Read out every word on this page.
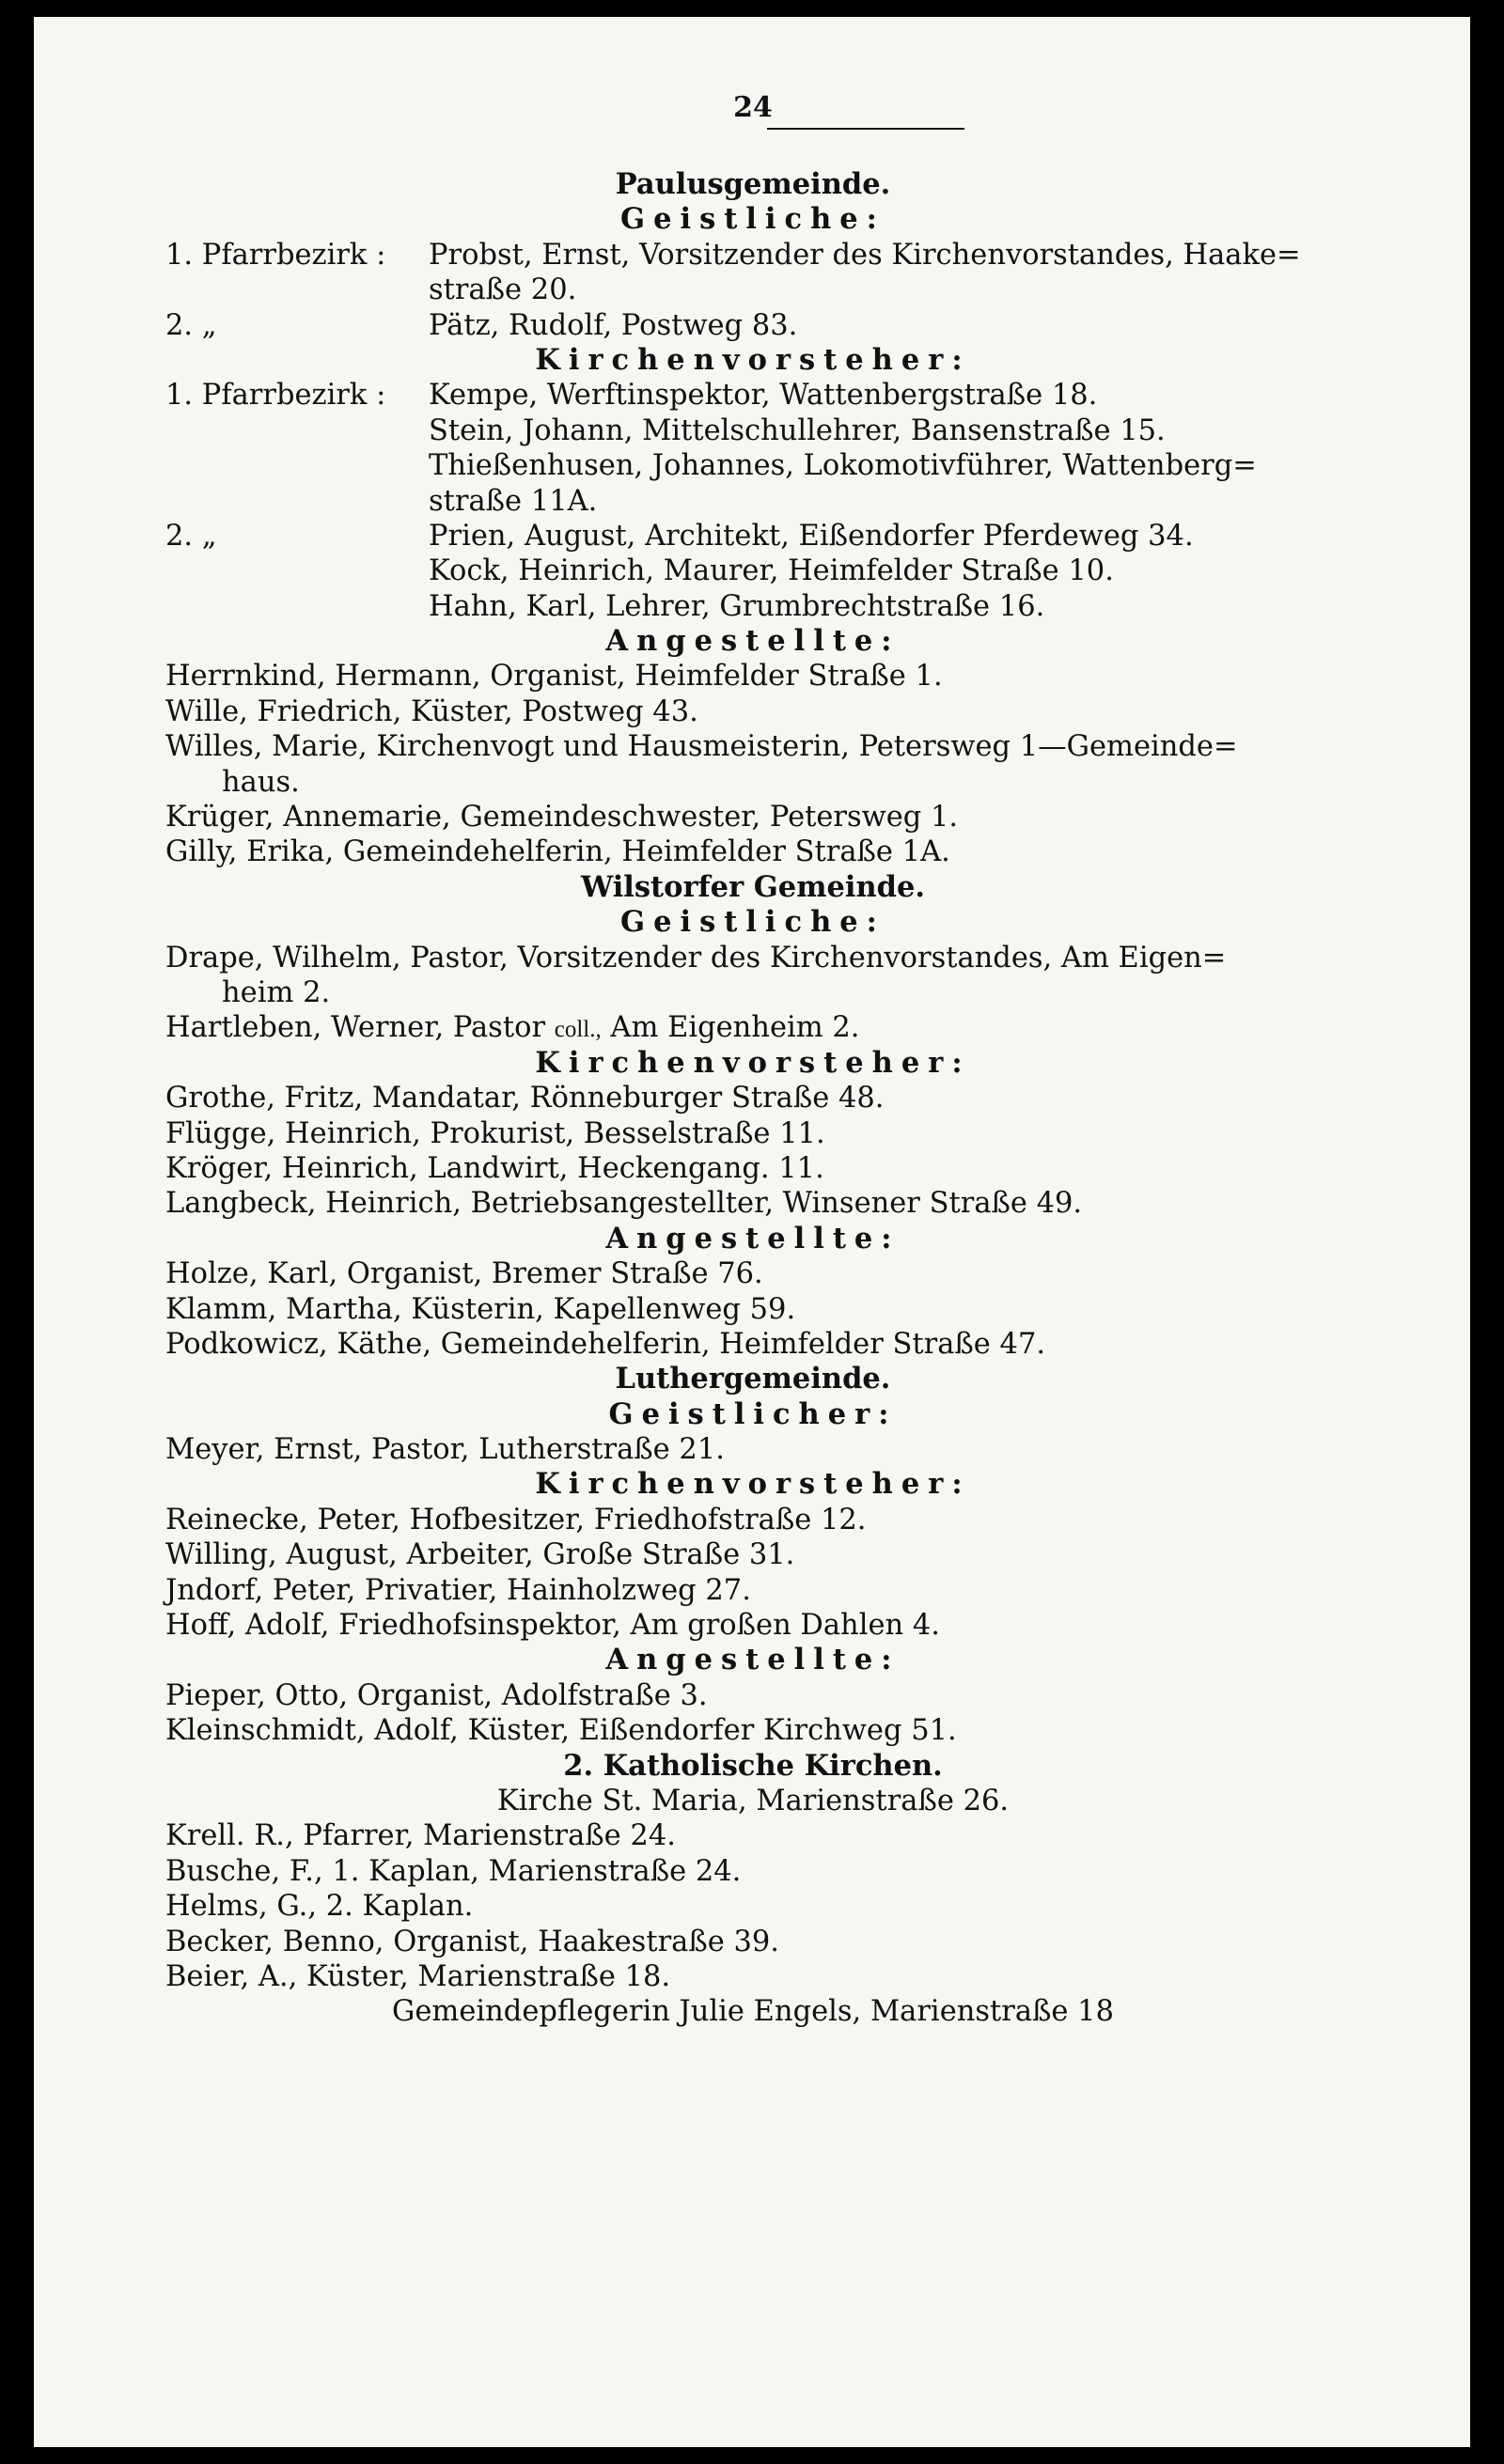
24
Paulusgemeinde.
Geistliche:
1. Pfarrbezirk : Probst, Ernst, Vorsitzender des Kirchenvorstandes, Haake=
straße 20.
2. „	Pätz, Rudolf, Postweg 83.
Kirchenvorsteher:
1. Pfarrbezirk : Kempe, Werftinspektor, Wattenbergstraße 18.
Stein, Johann, Mittelschullehrer, Bansenstraße 15.
Thießenhusen, Johannes, Lokomotivführer, Wattenberg=
straße 11A.
2. „	Prien, August, Architekt, Eißendorfer Pferdeweg 34.
Kock, Heinrich, Maurer, Heimfelder Straße 10.
Hahn, Karl, Lehrer, Grumbrechtstraße 16.
Angestellte:
Herrnkind, Hermann, Organist, Heimfelder Straße 1.
Wille, Friedrich, Küster, Postweg 43.
Willes, Marie, Kirchenvogt und Hausmeisterin, Petersweg 1—Gemeinde=
haus.
Krüger, Annemarie, Gemeindeschwester, Petersweg 1.
Gilly, Erika, Gemeindehelferin, Heimfelder Straße 1A.
Wilstorfer Gemeinde.
Geistliche:
Drape, Wilhelm, Pastor, Vorsitzender des Kirchenvorstandes, Am Eigen=
heim 2.
Hartleben, Werner, Pastor coll., Am Eigenheim 2.
Kirchenvorsteher:
Grothe, Fritz, Mandatar, Rönneburger Straße 48.
Flügge, Heinrich, Prokurist, Besselstraße 11.
Kröger, Heinrich, Landwirt, Heckengang. 11.
Langbeck, Heinrich, Betriebsangestellter, Winsener Straße 49.
Angestellte:
Holze, Karl, Organist, Bremer Straße 76.
Klamm, Martha, Küsterin, Kapellenweg 59.
Podkowicz, Käthe, Gemeindehelferin, Heimfelder Straße 47.
Luthergemeinde.
Geistlicher:
Meyer, Ernst, Pastor, Lutherstraße 21.
Kirchenvorsteher:
Reinecke, Peter, Hofbesitzer, Friedhofstraße 12.
Willing, August, Arbeiter, Große Straße 31.
Jndorf, Peter, Privatier, Hainholzweg 27.
Hoff, Adolf, Friedhofsinspektor, Am großen Dahlen 4.
Angestellte:
Pieper, Otto, Organist, Adolfstraße 3.
Kleinschmidt, Adolf, Küster, Eißendorfer Kirchweg 51.
2. Katholische Kirchen.
Kirche St. Maria, Marienstraße 26.
Krell. R., Pfarrer, Marienstraße 24.
Busche, F., 1. Kaplan, Marienstraße 24.
Helms, G., 2. Kaplan.
Becker, Benno, Organist, Haakestraße 39.
Beier, A., Küster, Marienstraße 18.
Gemeindepflegerin Julie Engels, Marienstraße 18
